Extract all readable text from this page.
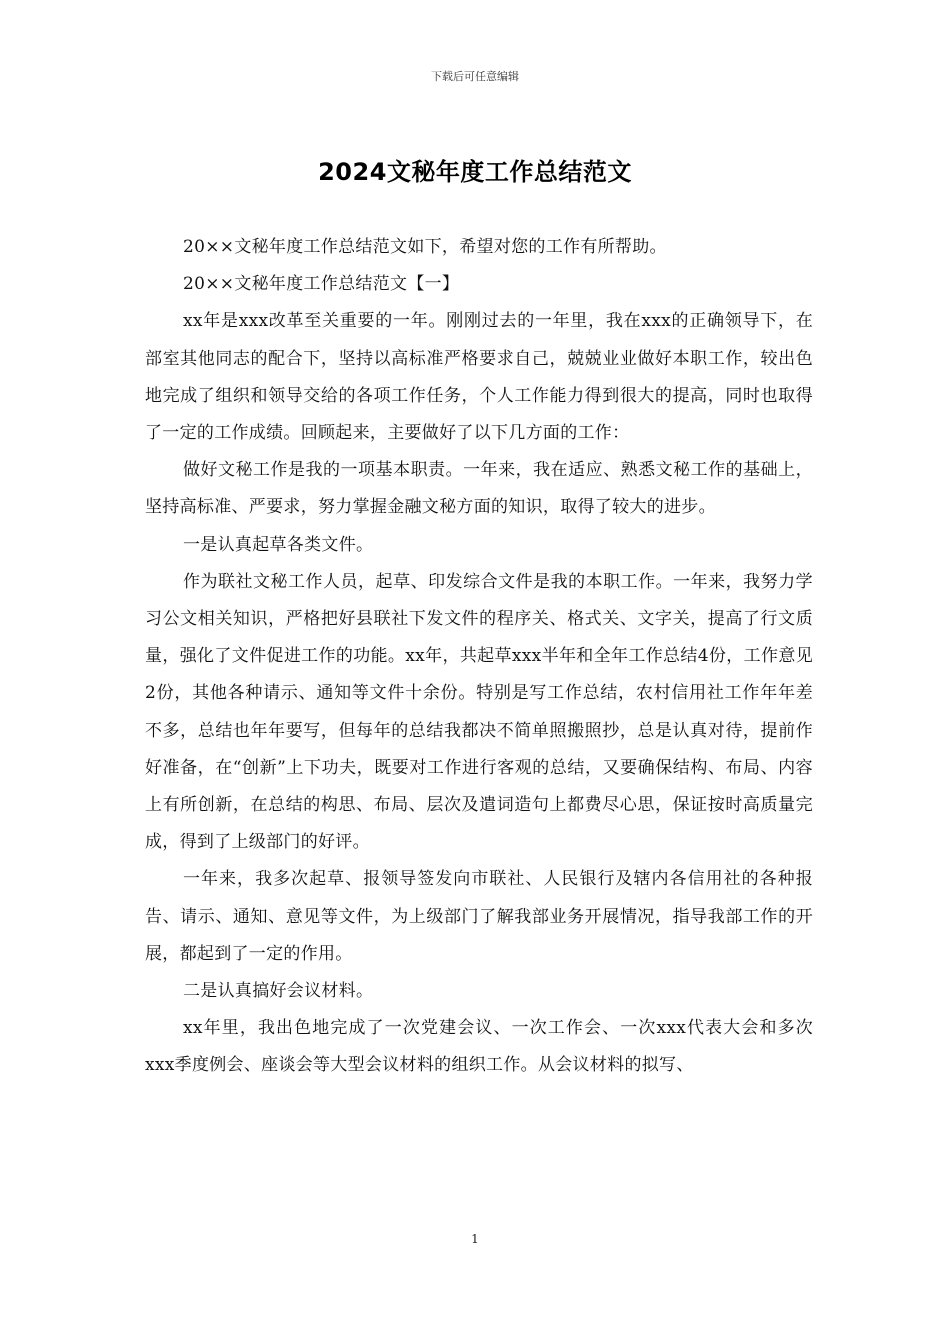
下载后可任意编辑
2024文秘年度工作总结范文

20××文秘年度工作总结范文如下，希望对您的工作有所帮助。

20××文秘年度工作总结范文【一】

xx年是xxx改革至关重要的一年。刚刚过去的一年里，我在xxx的正确领导下，在部室其他同志的配合下，坚持以高标准严格要求自己，兢兢业业做好本职工作，较出色地完成了组织和领导交给的各项工作任务，个人工作能力得到很大的提高，同时也取得了一定的工作成绩。回顾起来，主要做好了以下几方面的工作：

做好文秘工作是我的一项基本职责。一年来，我在适应、熟悉文秘工作的基础上，坚持高标准、严要求，努力掌握金融文秘方面的知识，取得了较大的进步。

一是认真起草各类文件。

作为联社文秘工作人员，起草、印发综合文件是我的本职工作。一年来，我努力学习公文相关知识，严格把好县联社下发文件的程序关、格式关、文字关，提高了行文质量，强化了文件促进工作的功能。xx年，共起草xxx半年和全年工作总结4份，工作意见2份，其他各种请示、通知等文件十余份。特别是写工作总结，农村信用社工作年年差不多，总结也年年要写，但每年的总结我都决不简单照搬照抄，总是认真对待，提前作好准备，在“创新”上下功夫，既要对工作进行客观的总结，又要确保结构、布局、内容上有所创新，在总结的构思、布局、层次及遣词造句上都费尽心思，保证按时高质量完成，得到了上级部门的好评。

一年来，我多次起草、报领导签发向市联社、人民银行及辖内各信用社的各种报告、请示、通知、意见等文件，为上级部门了解我部业务开展情况，指导我部工作的开展，都起到了一定的作用。

二是认真搞好会议材料。

xx年里，我出色地完成了一次党建会议、一次工作会、一次xxx代表大会和多次xxx季度例会、座谈会等大型会议材料的组织工作。从会议材料的拟写、

1
